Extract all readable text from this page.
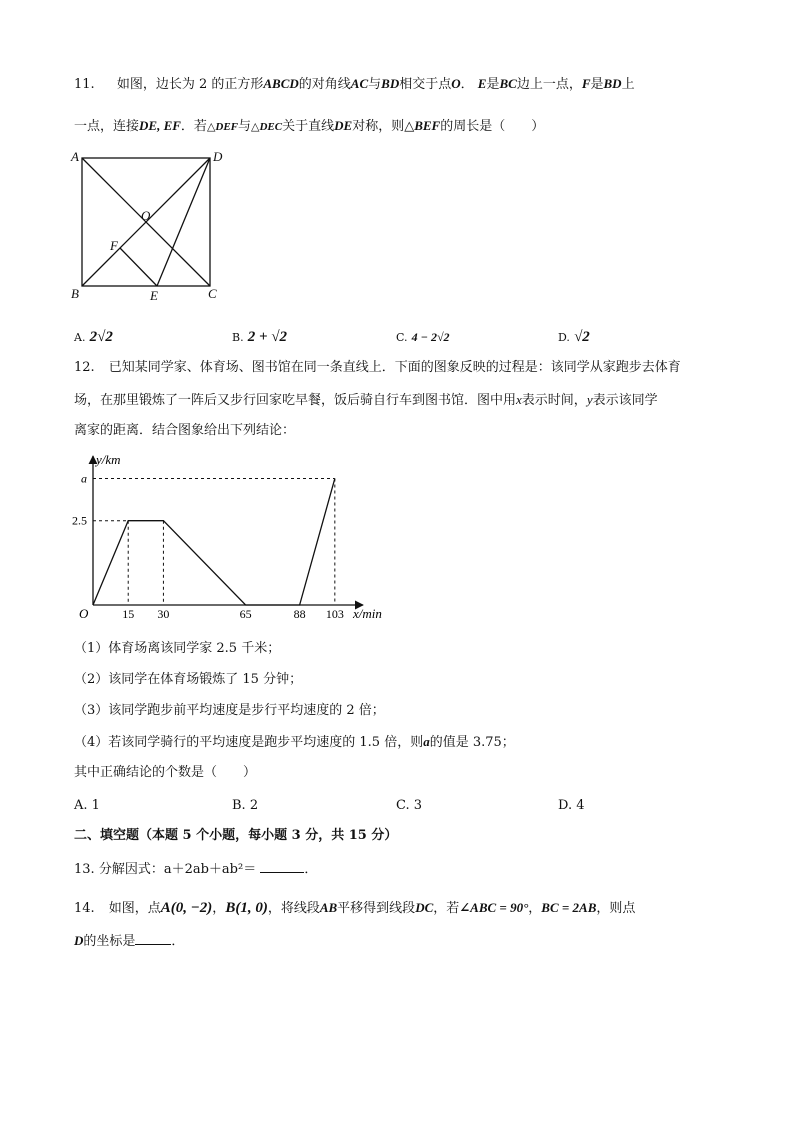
11. 如图，边长为 2 的正方形ABCD的对角线AC与BD相交于点O． E是BC边上一点，F是BD上
一点，连接DE, EF．若△DEF与△DEC关于直线DE对称，则△BEF的周长是（　　）
A	D
O
F
B	E	C
A. 2√2	B. 2 + √2	C. 4 − 2√2	D. √2
12. 已知某同学家、体育场、图书馆在同一条直线上．下面的图象反映的过程是：该同学从家跑步去体育
场，在那里锻炼了一阵后又步行回家吃早餐，饭后骑自行车到图书馆．图中用x表示时间，y表示该同学
离家的距离．结合图象给出下列结论：
y/km
x/min
O	15 30	65	88 103
2.5
a
（1）体育场离该同学家 2.5 千米；
（2）该同学在体育场锻炼了 15 分钟；
（3）该同学跑步前平均速度是步行平均速度的 2 倍；
（4）若该同学骑行的平均速度是跑步平均速度的 1.5 倍，则a的值是 3.75；
其中正确结论的个数是（　　）
A. 1	B. 2	C. 3	D. 4
二、填空题（本题 5 个小题，每小题 3 分，共 15 分）
13. 分解因式：a＋2ab＋ab²＝	．
14. 如图，点A(0, −2)，B(1, 0)，将线段AB平移得到线段DC，若∠ABC = 90°，BC = 2AB，则点
D的坐标是	．
